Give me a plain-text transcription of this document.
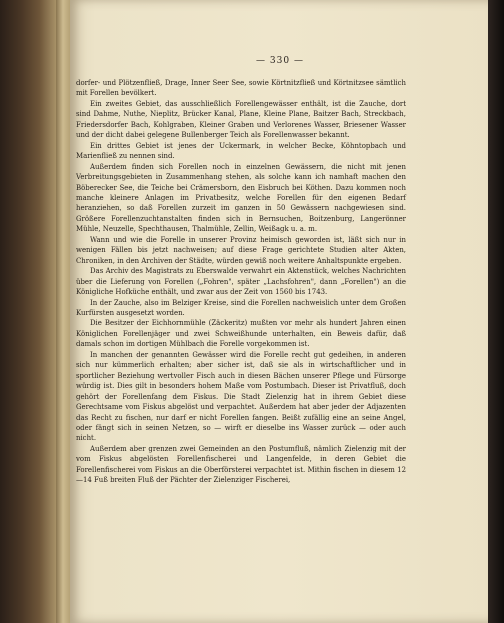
— 330 —

dorfer- und Plötzenfließ, Drage, Inner Seer See, sowie Körtnitzfließ und Körtnitzsee sämtlich mit Forellen bevölkert.

Ein zweites Gebiet, das ausschließlich Forellengewässer enthält, ist die Zauche, dort sind Dahme, Nuthe, Nieplitz, Brücker Kanal, Plane, Kleine Plane, Baitzer Bach, Streckbach, Friedersdorfer Bach, Kohlgraben, Kleiner Graben und Verlorenes Wasser, Briesener Wasser und der dicht dabei gelegene Bullenberger Teich als Forellenwasser bekannt.

Ein drittes Gebiet ist jenes der Uckermark, in welcher Becke, Köhntopbach und Marienfließ zu nennen sind.

Außerdem finden sich Forellen noch in einzelnen Gewässern, die nicht mit jenen Verbreitungsgebieten in Zusammenhang stehen, als solche kann ich namhaft machen den Böberecker See, die Teiche bei Crämersborn, den Eisbruch bei Köthen. Dazu kommen noch manche kleinere Anlagen im Privatbesitz, welche Forellen für den eigenen Bedarf heranziehen, so daß Forellen zurzeit im ganzen in 50 Gewässern nachgewiesen sind. Größere Forellenzuchtanstalten finden sich in Bernsuchen, Boitzenburg, Langerönner Mühle, Neuzelle, Spechthausen, Thalmühle, Zellin, Weißagk u. a. m.

Wann und wie die Forelle in unserer Provinz heimisch geworden ist, läßt sich nur in wenigen Fällen bis jetzt nachweisen; auf diese Frage gerichtete Studien alter Akten, Chroniken, in den Archiven der Städte, würden gewiß noch weitere Anhaltspunkte ergeben.

Das Archiv des Magistrats zu Eberswalde verwahrt ein Aktenstück, welches Nachrichten über die Lieferung von Forellen („Fohren", später „Lachsfohren", dann „Forellen") an die Königliche Hofküche enthält, und zwar aus der Zeit von 1560 bis 1743.

In der Zauche, also im Belziger Kreise, sind die Forellen nachweislich unter dem Großen Kurfürsten ausgesetzt worden.

Die Besitzer der Eichhornmühle (Zäckeritz) mußten vor mehr als hundert Jahren einen Königlichen Forellenjäger und zwei Schweißhunde unterhalten, ein Beweis dafür, daß damals schon im dortigen Mühlbach die Forelle vorgekommen ist.

In manchen der genannten Gewässer wird die Forelle recht gut gedeihen, in anderen sich nur kümmerlich erhalten; aber sicher ist, daß sie als in wirtschaftlicher und in sportlicher Beziehung wertvoller Fisch auch in diesen Bächen unserer Pflege und Fürsorge würdig ist. Dies gilt in besonders hohem Maße vom Postumbach. Dieser ist Privatfluß, doch gehört der Forellenfang dem Fiskus. Die Stadt Zielenzig hat in ihrem Gebiet diese Gerechtsame vom Fiskus abgelöst und verpachtet. Außerdem hat aber jeder der Adjazenten das Recht zu fischen, nur darf er nicht Forellen fangen. Beißt zufällig eine an seine Angel, oder fängt sich in seinen Netzen, so — wirft er dieselbe ins Wasser zurück — oder auch nicht.

Außerdem aber grenzen zwei Gemeinden an den Postumfluß, nämlich Zielenzig mit der vom Fiskus abgelösten Forellenfischerei und Langenfelde, in deren Gebiet die Forellenfischerei vom Fiskus an die Oberförsterei verpachtet ist. Mithin fischen in diesem 12—14 Fuß breiten Fluß der Pächter der Zielenziger Fischerei,
